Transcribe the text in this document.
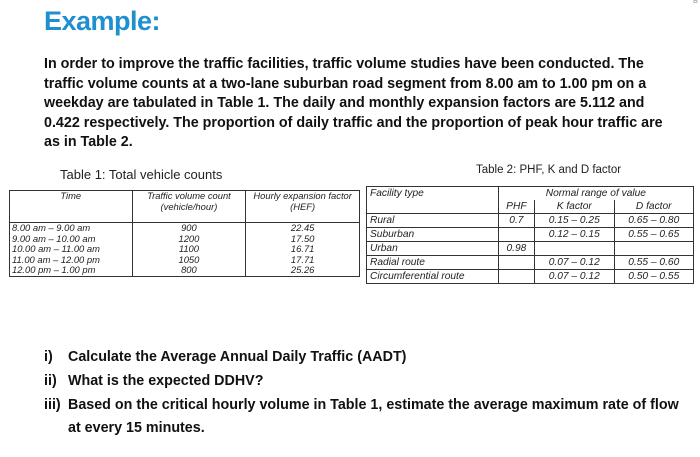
ⴰ
Example:
In order to improve the traffic facilities, traffic volume studies have been conducted. The traffic volume counts at a two-lane suburban road segment from 8.00 am to 1.00 pm on a weekday are tabulated in Table 1. The daily and monthly expansion factors are 5.112 and 0.422 respectively. The proportion of daily traffic and the proportion of peak hour traffic are as in Table 2.
Table 1: Total vehicle counts	Table 2: PHF, K and D factor
Time	Traffic volume count (vehicle/hour)	Hourly expansion factor (HEF)
8.00 am – 9.00 am	900	22.45
9.00 am – 10.00 am	1200	17.50
10.00 am – 11.00 am	1100	16.71
11.00 am – 12.00 pm	1050	17.71
12.00 pm – 1.00 pm	800	25.26
Facility type	Normal range of value		
	PHF	K factor	D factor
Rural	0.7	0.15 – 0.25	0.65 – 0.80
Suburban		0.12 – 0.15	0.55 – 0.65
Urban	0.98		
Radial route		0.07 – 0.12	0.55 – 0.60
Circumferential route		0.07 – 0.12	0.50 – 0.55
i) Calculate the Average Annual Daily Traffic (AADT)
ii) What is the expected DDHV?
iii) Based on the critical hourly volume in Table 1, estimate the average maximum rate of flow at every 15 minutes.
